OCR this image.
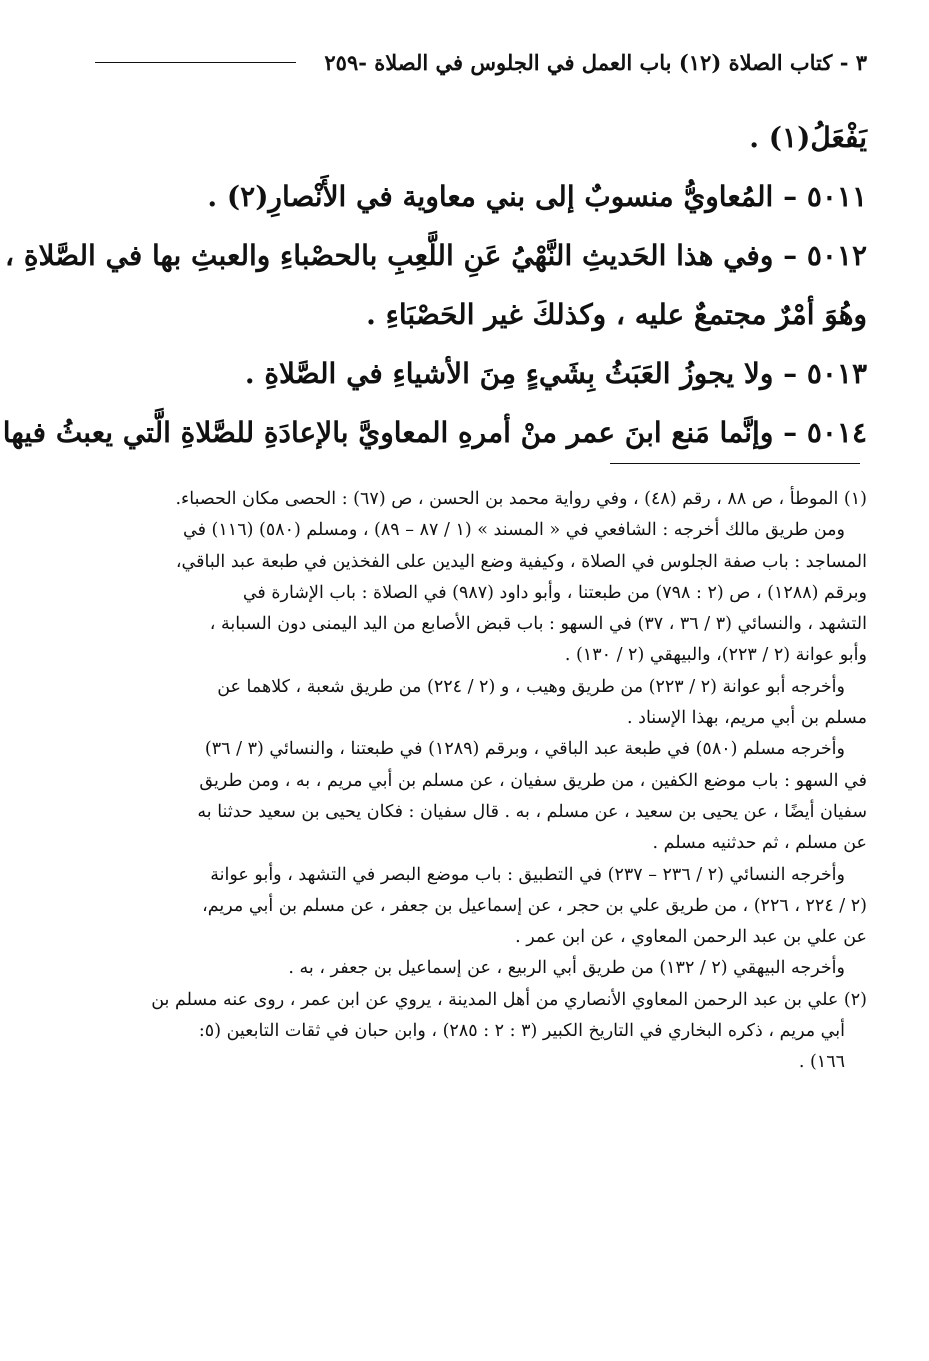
٣ - كتاب الصلاة (١٢) باب العمل في الجلوس في الصلاة -٢٥٩
يَفْعَلُ(١) .
٥٠١١ – المُعاويُّ منسوبٌ إلى بني معاوية في الأَنْصارِ(٢) .
٥٠١٢ – وفي هذا الحَديثِ النَّهْيُ عَنِ اللَّعِبِ بالحصْباءِ والعبثِ بها في الصَّلاةِ ،
وهُوَ أمْرٌ مجتمعٌ عليه ، وكذلكَ غير الحَصْبَاءِ .
٥٠١٣ – ولا يجوزُ العَبَثُ بِشَيءٍ مِنَ الأشياءِ في الصَّلاةِ .
٥٠١٤ – وإنَّما مَنع ابنَ عمر منْ أمرهِ المعاويَّ بالإعادَةِ للصَّلاةِ الَّتي يعبثُ فيها
(١) الموطأ ، ص ٨٨ ، رقم (٤٨) ، وفي رواية محمد بن الحسن ، ص (٦٧) : الحصى مكان الحصباء.
ومن طريق مالك أخرجه : الشافعي في « المسند » (١ / ٨٧ – ٨٩) ، ومسلم (٥٨٠) (١١٦) في
المساجد : باب صفة الجلوس في الصلاة ، وكيفية وضع اليدين على الفخذين في طبعة عبد الباقي،
وبرقم (١٢٨٨) ، ص (٢ : ٧٩٨) من طبعتنا ، وأبو داود (٩٨٧) في الصلاة : باب الإشارة في
التشهد ، والنسائي (٣ / ٣٦ ، ٣٧) في السهو : باب قبض الأصابع من اليد اليمنى دون السبابة ،
وأبو عوانة (٢ / ٢٢٣)، والبيهقي (٢ / ١٣٠) .
وأخرجه أبو عوانة (٢ / ٢٢٣) من طريق وهيب ، و (٢ / ٢٢٤) من طريق شعبة ، كلاهما عن
مسلم بن أبي مريم، بهذا الإسناد .
وأخرجه مسلم (٥٨٠) في طبعة عبد الباقي ، وبرقم (١٢٨٩) في طبعتنا ، والنسائي (٣ / ٣٦)
في السهو : باب موضع الكفين ، من طريق سفيان ، عن مسلم بن أبي مريم ، به ، ومن طريق
سفيان أيضًا ، عن يحيى بن سعيد ، عن مسلم ، به . قال سفيان : فكان يحيى بن سعيد حدثنا به
عن مسلم ، ثم حدثنيه مسلم .
وأخرجه النسائي (٢ / ٢٣٦ – ٢٣٧) في التطبيق : باب موضع البصر في التشهد ، وأبو عوانة
(٢ / ٢٢٤ ، ٢٢٦) ، من طريق علي بن حجر ، عن إسماعيل بن جعفر ، عن مسلم بن أبي مريم،
عن علي بن عبد الرحمن المعاوي ، عن ابن عمر .
وأخرجه البيهقي (٢ / ١٣٢) من طريق أبي الربيع ، عن إسماعيل بن جعفر ، به .
(٢) علي بن عبد الرحمن المعاوي الأنصاري من أهل المدينة ، يروي عن ابن عمر ، روى عنه مسلم بن
أبي مريم ، ذكره البخاري في التاريخ الكبير (٣ : ٢ : ٢٨٥) ، وابن حبان في ثقات التابعين (٥:
١٦٦) .
